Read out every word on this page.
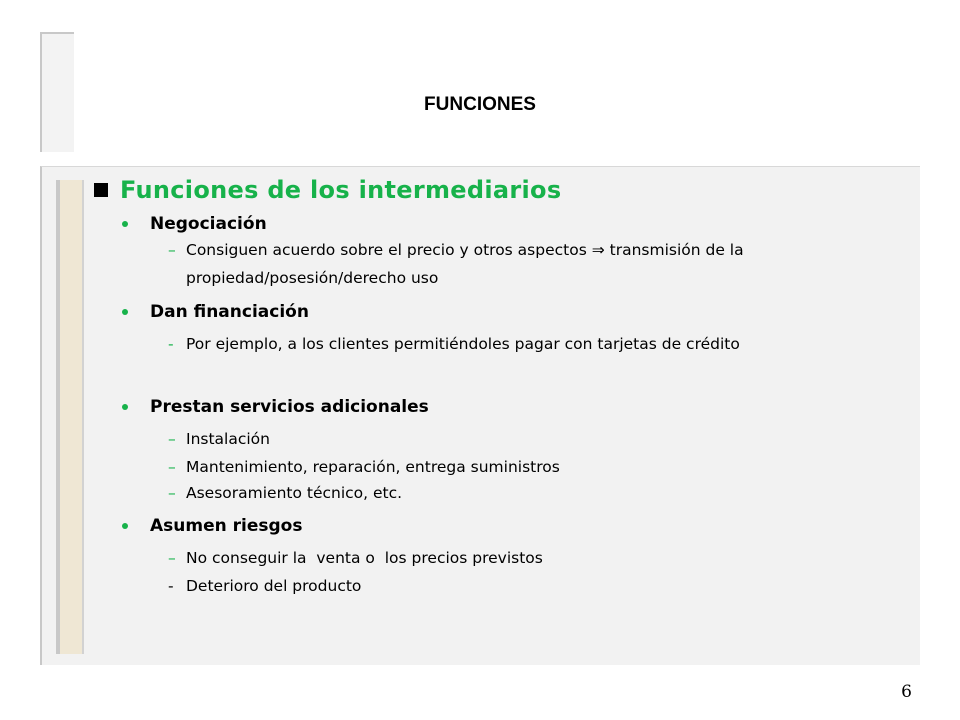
FUNCIONES
Funciones de los intermediarios
Negociación
– Consiguen acuerdo sobre el precio y otros aspectos ⇒ transmisión de la propiedad/posesión/derecho uso
Dan financiación
- Por ejemplo, a los clientes permitiéndoles pagar con tarjetas de crédito
Prestan servicios adicionales
– Instalación
– Mantenimiento, reparación, entrega suministros
– Asesoramiento técnico, etc.
Asumen riesgos
– No conseguir la  venta o  los precios previstos
- Deterioro del producto
6
